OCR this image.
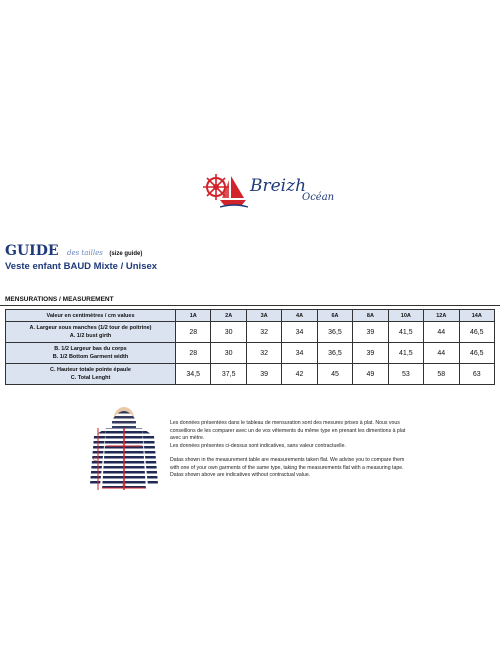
Breizh
Océan
GUIDE des tailles (size guide)
Veste enfant BAUD Mixte / Unisex
MENSURATIONS / MEASUREMENT
Valeur en centimètres / cm values	1A	2A	3A	4A	6A	8A	10A	12A	14A

A. Largeur sous manches (1/2 tour de poitrine)
A. 1/2 bust girth	28	30	32	34	36,5	39	41,5	44	46,5

B. 1/2 Largeur bas du corps
B. 1/2 Bottom Garment width	28	30	32	34	36,5	39	41,5	44	46,5

C. Hauteur totale pointe épaule
C. Total Lenght	34,5	37,5	39	42	45	49	53	58	63
A
B
C

Les données présentées dans le tableau de mensuration sont des mesures prises à plat. Nous vous conseillons de les comparer avec un de vos vêtements du même type en prenant les dimentions à plat avec un mètre.

Les données présentes ci-dessus sont indicatives, sans valeur contractuelle.

Datas shown in the measurement table are measurements taken flat. We advise you to compare them with one of your own garments of the same type, taking the measurements flat with a measuring tape.

Datas shown above are indicatives without contractual value.
